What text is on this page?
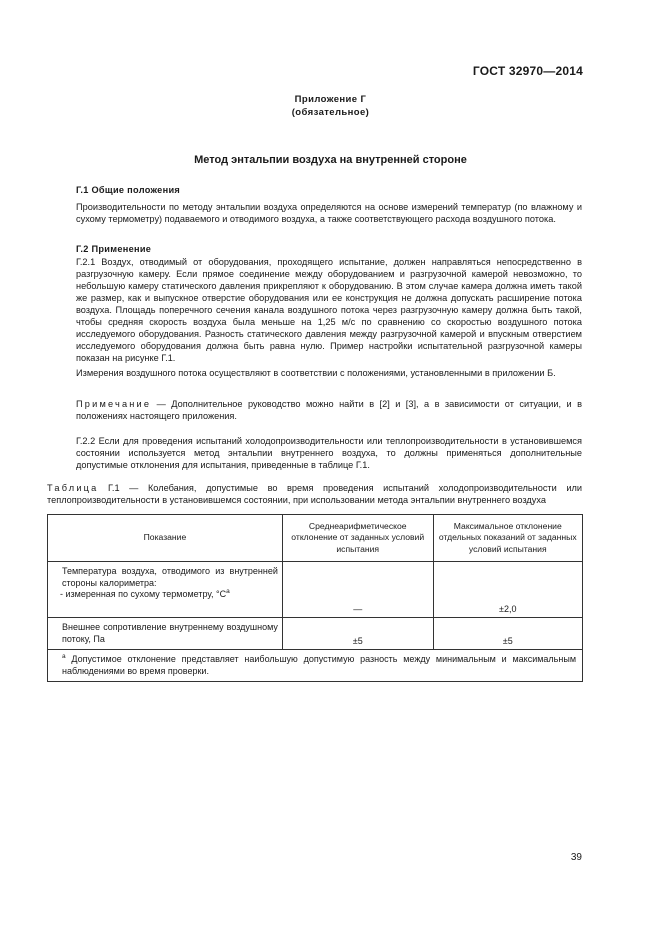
ГОСТ 32970—2014
Приложение Г
(обязательное)
Метод энтальпии воздуха на внутренней стороне
Г.1 Общие положения

Производительности по методу энтальпии воздуха определяются на основе измерений температур (по влажному и сухому термометру) подаваемого и отводимого воздуха, а также соответствующего расхода воздушного потока.

Г.2 Применение

Г.2.1 Воздух, отводимый от оборудования, проходящего испытание, должен направляться непосредственно в разгрузочную камеру. Если прямое соединение между оборудованием и разгрузочной камерой невозможно, то небольшую камеру статического давления прикрепляют к оборудованию. В этом случае камера должна иметь такой же размер, как и выпускное отверстие оборудования или ее конструкция не должна допускать расширение потока воздуха. Площадь поперечного сечения канала воздушного потока через разгрузочную камеру должна быть такой, чтобы средняя скорость воздуха была меньше на 1,25 м/с по сравнению со скоростью воздушного потока исследуемого оборудования. Разность статического давления между разгрузочной камерой и впускным отверстием исследуемого оборудования должна быть равна нулю. Пример настройки испытательной разгрузочной камеры показан на рисунке Г.1.

Измерения воздушного потока осуществляют в соответствии с положениями, установленными в приложении Б.

Примечание — Дополнительное руководство можно найти в [2] и [3], а в зависимости от ситуации, и в положениях настоящего приложения.

Г.2.2 Если для проведения испытаний холодопроизводительности или теплопроизводительности в установившемся состоянии используется метод энтальпии внутреннего воздуха, то должны применяться дополнительные допустимые отклонения для испытания, приведенные в таблице Г.1.

Таблица Г.1 — Колебания, допустимые во время проведения испытаний холодопроизводительности или теплопроизводительности в установившемся состоянии, при использовании метода энтальпии внутреннего воздуха
Показание	Среднеарифметическое отклонение от заданных условий испытания	Максимальное отклонение отдельных показаний от заданных условий испытания

Температура воздуха, отводимого из внутренней стороны калориметра:
- измеренная по сухому термометру, $^\circ С^а$	—	±2,0

Внешнее сопротивление внутреннему воздушному потоку, Па	±5	±5
$^а$ Допустимое отклонение представляет наибольшую допустимую разность между минимальным и максимальным наблюдениями во время проверки.		
39
